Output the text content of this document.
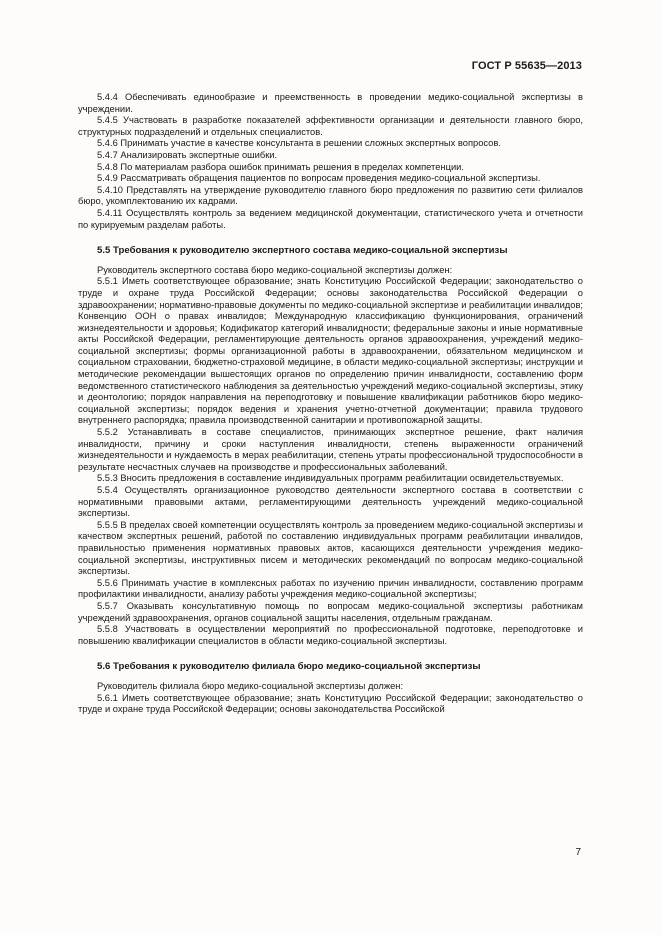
ГОСТ Р 55635—2013

5.4.4 Обеспечивать единообразие и преемственность в проведении медико-социальной экспертизы в учреждении.

5.4.5 Участвовать в разработке показателей эффективности организации и деятельности главного бюро, структурных подразделений и отдельных специалистов.

5.4.6 Принимать участие в качестве консультанта в решении сложных экспертных вопросов.

5.4.7 Анализировать экспертные ошибки.

5.4.8 По материалам разбора ошибок принимать решения в пределах компетенции.

5.4.9 Рассматривать обращения пациентов по вопросам проведения медико-социальной экспертизы.

5.4.10 Представлять на утверждение руководителю главного бюро предложения по развитию сети филиалов бюро, укомплектованию их кадрами.

5.4.11 Осуществлять контроль за ведением медицинской документации, статистического учета и отчетности по курируемым разделам работы.

5.5 Требования к руководителю экспертного состава медико-социальной экспертизы

Руководитель экспертного состава бюро медико-социальной экспертизы должен:

5.5.1 Иметь соответствующее образование; знать Конституцию Российской Федерации; законодательство о труде и охране труда Российской Федерации; основы законодательства Российской Федерации о здравоохранении; нормативно-правовые документы по медико-социальной экспертизе и реабилитации инвалидов; Конвенцию ООН о правах инвалидов; Международную классификацию функционирования, ограничений жизнедеятельности и здоровья; Кодификатор категорий инвалидности; федеральные законы и иные нормативные акты Российской Федерации, регламентирующие деятельность органов здравоохранения, учреждений медико-социальной экспертизы; формы организационной работы в здравоохранении, обязательном медицинском и социальном страховании, бюджетно-страховой медицине, в области медико-социальной экспертизы; инструкции и методические рекомендации вышестоящих органов по определению причин инвалидности, составлению форм ведомственного статистического наблюдения за деятельностью учреждений медико-социальной экспертизы, этику и деонтологию; порядок направления на переподготовку и повышение квалификации работников бюро медико-социальной экспертизы; порядок ведения и хранения учетно-отчетной документации; правила трудового внутреннего распорядка; правила производственной санитарии и противопожарной защиты.

5.5.2 Устанавливать в составе специалистов, принимающих экспертное решение, факт наличия инвалидности, причину и сроки наступления инвалидности, степень выраженности ограничений жизнедеятельности и нуждаемость в мерах реабилитации, степень утраты профессиональной трудоспособности в результате несчастных случаев на производстве и профессиональных заболеваний.

5.5.3 Вносить предложения в составление индивидуальных программ реабилитации освидетельствуемых.

5.5.4 Осуществлять организационное руководство деятельности экспертного состава в соответствии с нормативными правовыми актами, регламентирующими деятельность учреждений медико-социальной экспертизы.

5.5.5 В пределах своей компетенции осуществлять контроль за проведением медико-социальной экспертизы и качеством экспертных решений, работой по составлению индивидуальных программ реабилитации инвалидов, правильностью применения нормативных правовых актов, касающихся деятельности учреждения медико-социальной экспертизы, инструктивных писем и методических рекомендаций по вопросам медико-социальной экспертизы.

5.5.6 Принимать участие в комплексных работах по изучению причин инвалидности, составлению программ профилактики инвалидности, анализу работы учреждения медико-социальной экспертизы;

5.5.7 Оказывать консультативную помощь по вопросам медико-социальной экспертизы работникам учреждений здравоохранения, органов социальной защиты населения, отдельным гражданам.

5.5.8 Участвовать в осуществлении мероприятий по профессиональной подготовке, переподготовке и повышению квалификации специалистов в области медико-социальной экспертизы.

5.6 Требования к руководителю филиала бюро медико-социальной экспертизы

Руководитель филиала бюро медико-социальной экспертизы должен:

5.6.1 Иметь соответствующее образование; знать Конституцию Российской Федерации; законодательство о труде и охране труда Российской Федерации; основы законодательства Российской

7
